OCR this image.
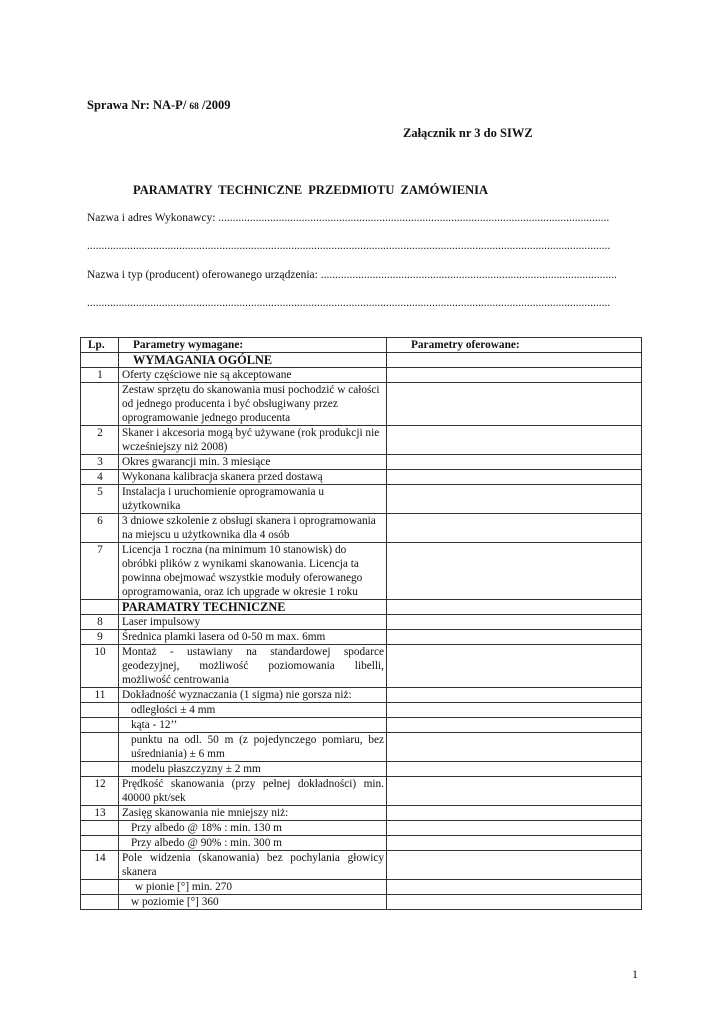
Sprawa Nr: NA-P/ 68 /2009
Załącznik nr 3 do SIWZ
PARAMATRY TECHNICZNE PRZEDMIOTU ZAMÓWIENIA
Nazwa i adres Wykonawcy: ........................................................................................................................................
......................................................................................................................................................................................
Nazwa i typ (producent) oferowanego urządzenia: .......................................................................................................
......................................................................................................................................................................................
Lp.	Parametry wymagane:	Parametry oferowane:
	WYMAGANIA OGÓLNE	
1	Oferty częściowe nie są akceptowane	
	Zestaw sprzętu do skanowania musi pochodzić w całości od jednego producenta i być obsługiwany przez oprogramowanie jednego producenta	
2	Skaner i akcesoria mogą być używane (rok produkcji nie wcześniejszy niż 2008)	
3	Okres gwarancji min. 3 miesiące	
4	Wykonana kalibracja skanera przed dostawą	
5	Instalacja i uruchomienie oprogramowania u użytkownika	
6	3 dniowe szkolenie z obsługi skanera i oprogramowania na miejscu u użytkownika dla 4 osób	
7	Licencja 1 roczna (na minimum 10 stanowisk) do obróbki plików z wynikami skanowania. Licencja ta powinna obejmować wszystkie moduły oferowanego oprogramowania, oraz ich upgrade w okresie 1 roku	
	PARAMATRY TECHNICZNE	
8	Laser impulsowy	
9	Średnica plamki lasera od 0-50 m max. 6mm	
10	Montaż - ustawiany na standardowej spodarce geodezyjnej, możliwość poziomowania libelli, możliwość centrowania	
11	Dokładność wyznaczania (1 sigma) nie gorsza niż:	
	odległości ± 4 mm	
	kąta - 12’’	
	punktu na odl. 50 m (z pojedynczego pomiaru, bez uśredniania) ± 6 mm	
	modelu płaszczyzny ± 2 mm	
12	Prędkość skanowania (przy pełnej dokładności) min. 40000 pkt/sek	
13	Zasięg skanowania nie mniejszy niż:	
	Przy albedo @ 18% : min. 130 m	
	Przy albedo @ 90% : min. 300 m	
14	Pole widzenia (skanowania) bez pochylania głowicy skanera	
	w pionie [°] min. 270	
	w poziomie [°] 360	
1
